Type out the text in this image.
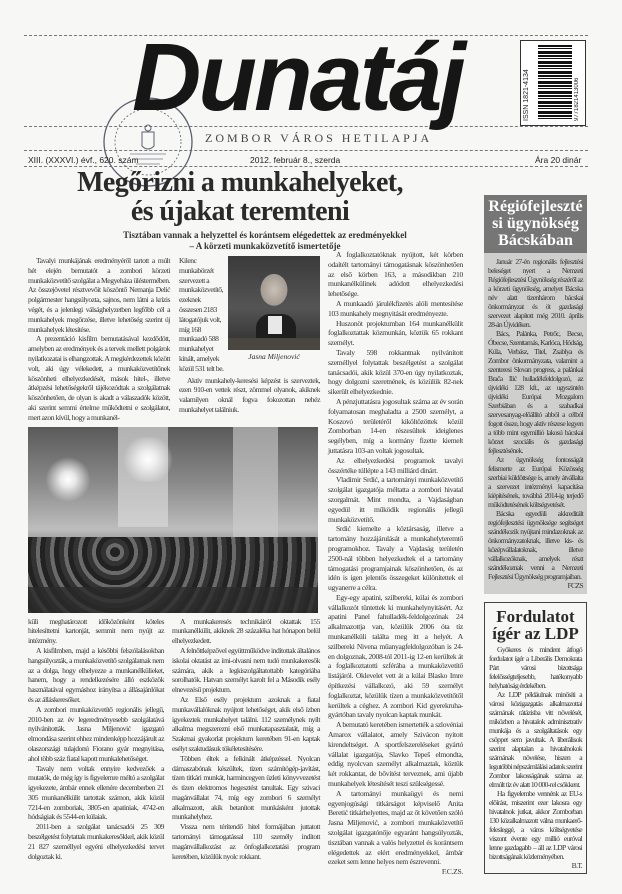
Dunatáj
ZOMBOR VÁROS HETILAPJA
ISSN 1821-4134	9771821413006
XIII. (XXXVI.) évf., 620. szám	2012. február 8., szerda	Ára 20 dinár
Megőrizni a munkahelyeket,
és újakat teremteni
Tisztában vannak a helyzettel és korántsem elégedettek az eredményekkel
– A körzeti munkaközvetítő ismertetője

Tavalyi munkájának eredményéről tartott a múlt hét elején bemutatót a zombori körzeti munkaközvetítő szolgálat a Megyeháza üléstermében. Az összejövetel résztvevőit köszöntő Nemanja Delić polgármester hangsúlyozta, sajnos, nem látni a krízis végét, és a jelenlegi válsághelyzetben legfőbb cél a munkahelyek megőrzése, illetve lehetőség szerint új munkahelyek létesítése.

A prezentáció kisfilm bemutatásával kezdődött, amelyben az eredmények és a tervek mellett polgárok nyilatkozatai is elhangzottak. A megkérdezettek között volt, aki úgy vélekedett, a munkaközvetítőnek köszönheti elhelyezkedését, mások hitel-, illetve átképzési lehetőségekről tájékozódtak a szolgálatnak köszönhetően, de olyan is akadt a válaszadók között, aki szerint semmi értelme működtetni e szolgálatot, mert azon kívül, hogy a munkanél-

Kilenc munkabörzét szervezett a munkaközvetítő, ezeknek összesen 2183 látogatójuk volt, míg 168 munkaadó 588 munkahelyet kínált, amelyek közül 531 telt be.

Jasna Miljenović

Aktív munkahely-keresési képzést is szerveztek, ezen 910-en vettek részt, zömmel olyanok, akiknek valamilyen oknál fogva fokozottan nehéz munkahelyet találniuk.

kűli meghatározott időközönként köteles hitelesíttetni kartonját, semmit nem nyújt az intézmény.

A kisfilmben, majd a későbbi felszólalásokban hangsúlyozták, a munkaközvetítő szolgálatnak nem az a dolga, hogy elhelyezze a munkanélkülieket, hanem, hogy a rendelkezésére álló eszközök használatával egymáshoz irányítsa a állásajánlókat és az álláskeresőket.

A zombori munkaközvetítő regionális jellegű, 2010-ben az év legeredményesebb szolgálatává nyilvánították. Jasna Miljenović igazgató elmondása szerint ehhez mindenképp hozzájárult az olaszországi tulajdonú Fiorano gyár megnyitása, ahol több száz fiatal kapott munkalehetőséget.

Tavaly nem voltak ennyire kedvezőek a mutatók, de még így is figyelemre méltó a szolgálat igyekezete, ámbár ennek ellenére decemberben 21 305 munkanélkülit tartottak számon, akik közül 7214-en zomboriak, 3805-en apatiniak, 4742-en hódságiak és 5544-en kúlaiak.

2011-ben a szolgálat tanácsadói 25 309 beszélgetést folytattak munkakeresőkkel, akik közül 21 827 személlyel egyéni elhelyezkedési tervet dolgoztak ki.

A munkakeresés technikáiról oktattak 155 munkanélkülit, akiknek 28 százaléka hat hónapon belül elhelyezkedett.

A felnőttképzővel együttműködve indítottak általános iskolai oktatást az írni-olvasni nem tudó munkakeresők számára, akik a legkiszolgáltatottabb kategóriába sorolhatók. Hatvan személyt karolt fel a Második esély elnevezésű projektum.

Az Első esély projektum azoknak a fiatal munkavállalóknak nyújtott lehetőséget, akik első ízben igyekeztek munkahelyet találni. 112 személynek nyílt alkalma megszerezni első munkatapasztalatát, míg a Szakmai gyakorlat projektum keretében 91-en kaptak esélyt szaktudásuk tökéletesítésére.

Többen éltek a felkínált átképzéssel. Nyolcan dámaszabónak készültek, tízen számítógép-javítást, tízen titkári munkát, harmincegyen üzleti könyvvezetést és tízen elektromos hegesztést tanultak. Egy szivaci magánvállalat 74, míg egy zombori 6 személyt alkalmazott, akik betanított munkásként jutottak munkahelyhez.

Vissza nem térítendő hitel formájában juttatott tartományi támogatással 110 személy indított magánvállalkozást az önfoglalkoztatási program keretében, közülük nyolc rokkant.

A foglalkoztatóknak nyújtott, két körben odaítélt tartományi támogatásnak köszönhetően az első körben 163, a másodikban 210 munkanélkülinek adódott elhelyezkedési lehetősége.

A munkaadó járulékfizetés alóli mentesítése 103 munkahely megnyitását eredményezte.

Huszonöt projektumban 164 munkanélkülit foglalkoztattak közmunkán, köztük 65 rokkant személyt.

Tavaly 598 rokkantnak nyilvánított személlyel folytattak beszélgetést a szolgálat tanácsadói, akik közül 370-en úgy nyilatkoztak, hogy dolgozni szeretnének, és közülük 82-nek sikerült elhelyezkednie.

A pénzjuttatásra jogosultak száma az év során folyamatosan meghaladta a 2500 személyt, a Koszovó területéről kiköltözöttek közül Zomborban 14-en részesültek ideiglenes segélyben, míg a kormány fizette kiemelt juttatásra 103-an voltak jogosultak.

Az elhelyezkedési programok tavalyi összértéke túllépte a 143 milliárd dinárt.

Vladimir Srdić, a tartományi munkaközvetítő szolgálat igazgatója méltatta a zombori hivatal szorgalmát. Mint mondta, a Vajdaságban egyedül itt működik regionális jellegű munkaközvetítő.

Srdić kiemelte a köztársaság, illetve a tartomány hozzájárulását a munkahelyteremtő programokhoz. Tavaly a Vajdaság területén 2500-nál többen helyezkedtek el a tartomány támogatási programjainak köszönhetően, és az idén is igen jelentős összegeket különítettek el ugyanerre a célra.

Egy-egy apatini, szilbereki, kúlai és zombori vállalkozót tüntettek ki munkahelynyitásért. Az apatini Panel fahulladék-feldolgozónak 24 alkalmazottja van, közülük 2006 óta tíz munkanélküli találta meg itt a helyét. A szilbereki Nivena műanyagfeldolgozóban is 24-en dolgoznak, 2008-tól 2011-ig 12-en kerültek át a foglalkoztatotti szférába a munkaközvetítő listájáról. Oklevelet vett át a kúlai Blasko Imre építkezési vállalkozó, aki 59 személyt foglalkoztat, közülük tízen a munkaközvetítőtől kerültek a céghez. A zombori Kid gyerekruha-gyártóban tavaly nyolcan kaptak munkát.

A bemutató keretében ismertették a szlovéniai Amarox vállalatot, amely Szivácon nyitott kirendeltséget. A sportfelszereléseket gyártó vállalat igazgatója, Slavko Tepeš elmondta, eddig nyolcvan személyt alkalmaztak, köztük két rokkantat, de bővítést terveznek, ami újabb munkahelyek létesítését teszi szükségessé.

A tartományi munkaügyi és nemi egyenjogúsági titkárságot képviselő Anita Beretić titkárhelyettes, majd az őt követően szóló Jasna Miljenović, a zombori munkaközvetítő szolgálat igazgatónője egyaránt hangsúlyozták, tisztában vannak a valós helyzettel és korántsem elégedettek az elért eredményekkel, ámbár ezeket sem lenne helyes nem észrevenni.

F.C.ZS.
Régiófejleszté si ügynökség Bácskában

Január 27-én regionális fejlesztési beleséget nyert a Nemzeti Régiófejlesztési Ügynökség részéről az a körzeti ügynökség, amelyet Bácska név alatt tizenhárom bácskai önkormányzat és öt gazdasági szervezet alapított még 2010. április 28-án Újvidéken.

Bács, Palánka, Petrőc, Becse, Óbecse, Szenttamás, Karlóca, Hódság, Kúla, Verbász, Titel, Zsablya és Zombor önkormányzata, valamint a szenteresi Slovan progress, a palánkai Brača Ilić hulladékfeldolgozó, az újvidéki 128 kft., az ugyszintén újvidéki Európai Mozgalom Szerbiában és a szabadkai szervesanyag-előállító abból a célból fogott össze, hogy aktív részese legyen a több mint egymillió lakosú bácskai körzet szociális és gazdasági fejlesztésének.

Az ügynökség fontosságát felismerte az Európai Közösség szerbiai küldöttsége is, amely átvállalta a szervezet intézményi kapacitása kiépítésének, továbbá 2014-ig terjedő működtetésének költségvetését.

Bácska egyedüli akkreditált regiófejlesztési ügynöksége segítséget szándékozik nyújtani mindazoknak az önkormányzatoknak, illetve kis- és középvállalatoknak, illetve vállalkozóknak, amelyek részt szándékoznak venni a Nemzeti Fejlesztési Ügynökség programjaiban.

FCZS
Fordulatot ígér az LDP

Gyökeres és mindent átfogó fordulatot ígér a Liberális Demokrata Párt városi bizottsága felelősségteljesebb, hatékonyabb helyhatóság érdekében.

Az LDP példáulnak minősíti a városi közigazgatás alkalmazottai számának rátázisba vitt növelését, miközben a hivatalok adminisztratív munkája és a szolgáltatások egy csöppet sem javultak. A liberálisok szerint alaptalan a hivatalnokok számának növelése, hiszen a legutóbbi népszámlálási adatok szerint Zombor lakosságának száma az elmúlt tíz év alatt 10 000-rel csökkent.

Ha figyelembe vennénk az EU-s előírást, miszerint ezer lakosra egy hivatalnok jutkat, akkor Zomborban 130 közalkalmazott válna munkaerő-felesleggé, a város költségvetése viszont évente egy millió euróval lenne gazdagabb – áll az LDP városi bizottságának közleményében.

B.T.
